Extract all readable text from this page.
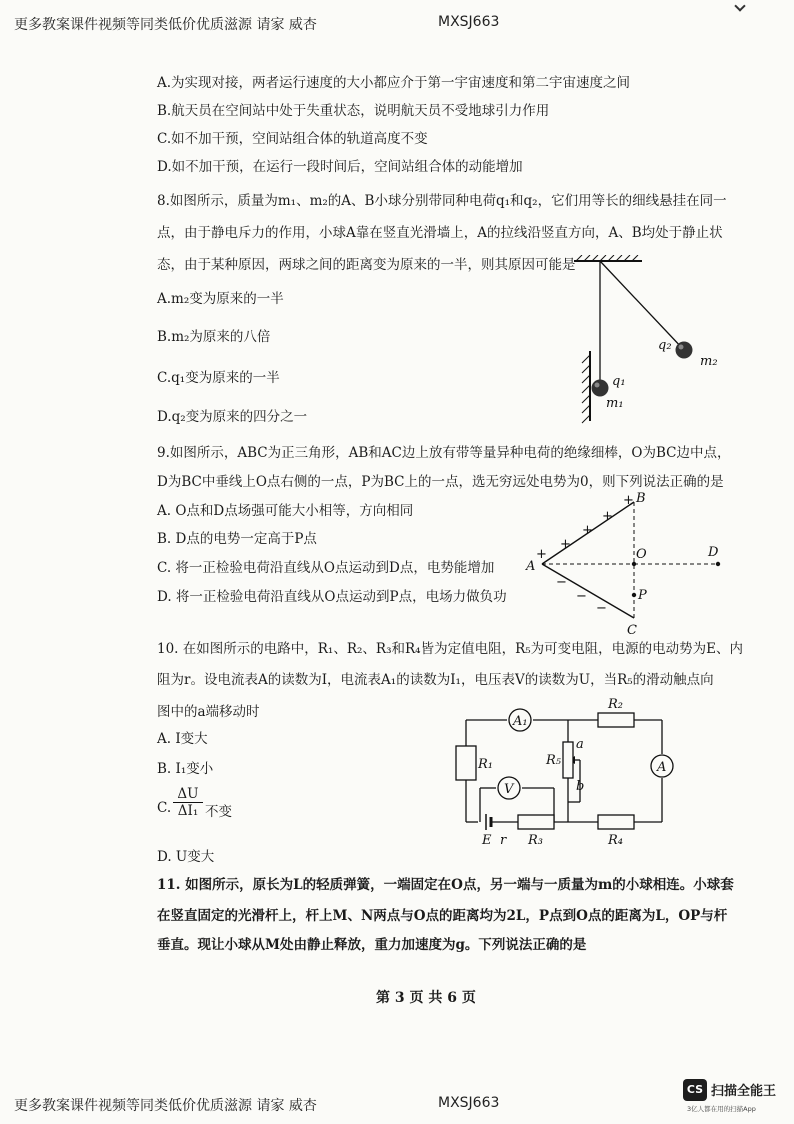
更多教案课件视频等同类低价优质滋源 请家 威杏	MXSJ663
A.为实现对接，两者运行速度的大小都应介于第一宇宙速度和第二宇宙速度之间
B.航天员在空间站中处于失重状态，说明航天员不受地球引力作用
C.如不加干预，空间站组合体的轨道高度不变
D.如不加干预，在运行一段时间后，空间站组合体的动能增加
8.如图所示，质量为m₁、m₂的A、B小球分别带同种电荷q₁和q₂，它们用等长的细线悬挂在同一
点，由于静电斥力的作用，小球A靠在竖直光滑墙上，A的拉线沿竖直方向，A、B均处于静止状
态，由于某种原因，两球之间的距离变为原来的一半，则其原因可能是
A.m₂变为原来的一半
B.m₂为原来的八倍
C.q₁变为原来的一半
D.q₂变为原来的四分之一
q₂
m₂
q₁
m₁
9.如图所示，ABC为正三角形，AB和AC边上放有带等量异种电荷的绝缘细棒，O为BC边中点，
D为BC中垂线上O点右侧的一点，P为BC上的一点，选无穷远处电势为0，则下列说法正确的是
A. O点和D点场强可能大小相等，方向相同
B. D点的电势一定高于P点
C. 将一正检验电荷沿直线从O点运动到D点，电势能增加
D. 将一正检验电荷沿直线从O点运动到P点，电场力做负功
A
B
C
O	D
P
+
+
+
+
+
−
−
−
10. 在如图所示的电路中，R₁、R₂、R₃和R₄皆为定值电阻，R₅为可变电阻，电源的电动势为E、内
阻为r。设电流表A的读数为I，电流表A₁的读数为I₁，电压表V的读数为U，当R₅的滑动触点向
图中的a端移动时
A. I变大
B. I₁变小
C. $\frac{\Delta U}{\text{ΔI₁}}$ 不变
D. U变大
A₁
A
V
R₁
R₂
R₃	R₄
R₅
a
b
E r
11. 如图所示，原长为L的轻质弹簧，一端固定在O点，另一端与一质量为m的小球相连。小球套
在竖直固定的光滑杆上，杆上M、N两点与O点的距离均为2L，P点到O点的距离为L，OP与杆
垂直。现让小球从M处由静止释放，重力加速度为g。下列说法正确的是
第 3 页 共 6 页
更多教案课件视频等同类低价优质滋源 请家 威杏	MXSJ663
CS 扫描全能王
3亿人都在用的扫描App
